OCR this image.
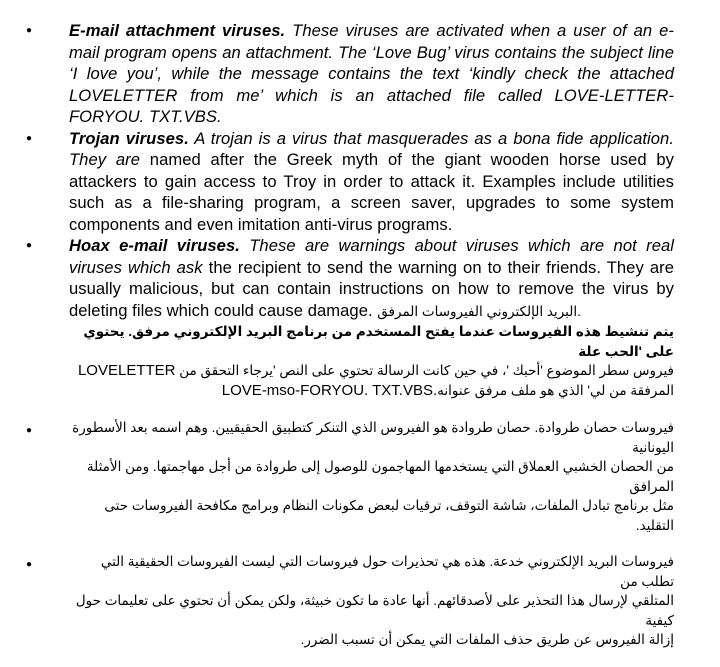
● E-mail attachment viruses. These viruses are activated when a user of an e-mail program opens an attachment. The ‘Love Bug’ virus contains the subject line ‘I love you’, while the message contains the text ‘kindly check the attached LOVELETTER from me’ which is an attached file called LOVE-LETTER-FORYOU. TXT.VBS.
● Trojan viruses. A trojan is a virus that masquerades as a bona fide application. They are named after the Greek myth of the giant wooden horse used by attackers to gain access to Troy in order to attack it. Examples include utilities such as a file-sharing program, a screen saver, upgrades to some system components and even imitation anti-virus programs.
● Hoax e-mail viruses. These are warnings about viruses which are not real viruses which ask the recipient to send the warning on to their friends. They are usually malicious, but can contain instructions on how to remove the virus by deleting files which could cause damage. البريد الإلكتروني الفيروسات المرفق.
يتم تنشيط هذه الفيروسات عندما يفتح المستخدم من برنامج البريد الإلكتروني مرفق. يحتوي على 'الحب علة
فيروس سطر الموضوع 'أحبك '، في حين كانت الرسالة تحتوي على النص 'يرجاء التحقق من LOVELETTER
المرفقة من لي' الذي هو ملف مرفق عنوانهLOVE-mso-FORYOU. TXT.VBS.
●	فيروسات حصان طروادة. حصان طروادة هو الفيروس الذي التنكر كتطبيق الحقيقيين. وهم اسمه بعد الأسطورة اليونانية
من الحصان الخشبي العملاق التي يستخدمها المهاجمون للوصول إلى طروادة من أجل مهاجمتها. ومن الأمثلة المرافق
مثل برنامج تبادل الملفات، شاشة التوقف، ترقيات لبعض مكونات النظام وبرامج مكافحة الفيروسات حتى التقليد.
●	فيروسات البريد الإلكتروني خدعة. هذه هي تحذيرات حول فيروسات التي ليست الفيروسات الحقيقية التي تطلب من
المتلقي لإرسال هذا التحذير على لأصدقائهم. أنها عادة ما تكون خبيثة، ولكن يمكن أن تحتوي على تعليمات حول كيفية
إزالة الفيروس عن طريق حذف الملفات التي يمكن أن تسبب الضرر.
